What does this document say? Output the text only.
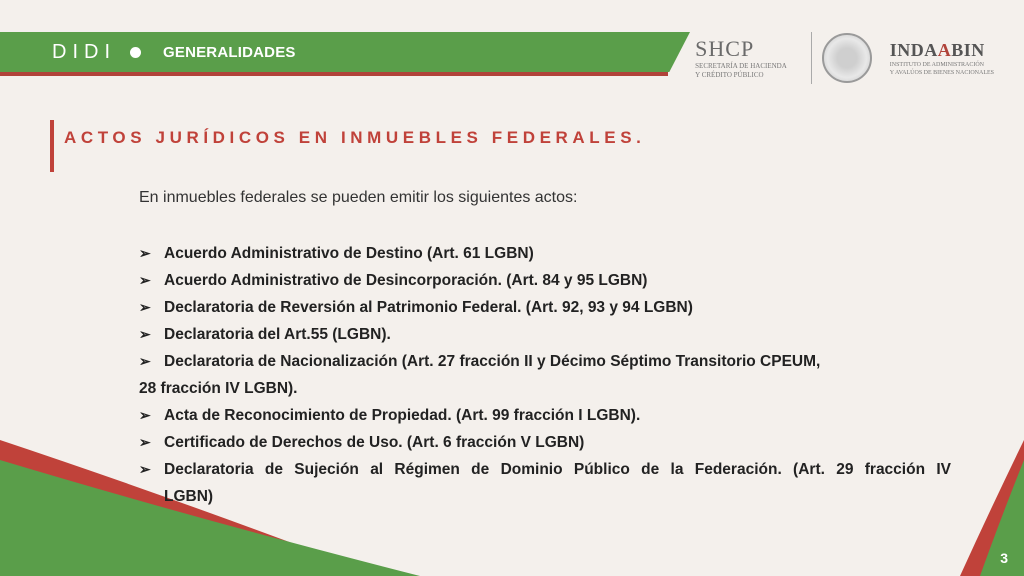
DIDI	GENERALIDADES	SHCP
SECRETARÍA DE HACIENDA
Y CRÉDITO PÚBLICO
INDAABIN
INSTITUTO DE ADMINISTRACIÓN
Y AVALÚOS DE BIENES NACIONALES
ACTOS JURÍDICOS EN INMUEBLES FEDERALES.
En inmuebles federales se pueden emitir los siguientes actos:
➢ Acuerdo Administrativo de Destino (Art. 61 LGBN)
➢ Acuerdo Administrativo de Desincorporación. (Art. 84 y 95 LGBN)
➢ Declaratoria de Reversión al Patrimonio Federal. (Art. 92, 93 y 94 LGBN)
➢ Declaratoria del Art.55 (LGBN).
➢ Declaratoria de Nacionalización (Art. 27 fracción II y Décimo Séptimo Transitorio CPEUM,
28 fracción IV LGBN).
➢ Acta de Reconocimiento de Propiedad. (Art. 99 fracción I LGBN).
➢ Certificado de Derechos de Uso. (Art. 6 fracción V LGBN)
➢ Declaratoria de Sujeción al Régimen de Dominio Público de la Federación. (Art. 29 fracción IV
LGBN)
3
